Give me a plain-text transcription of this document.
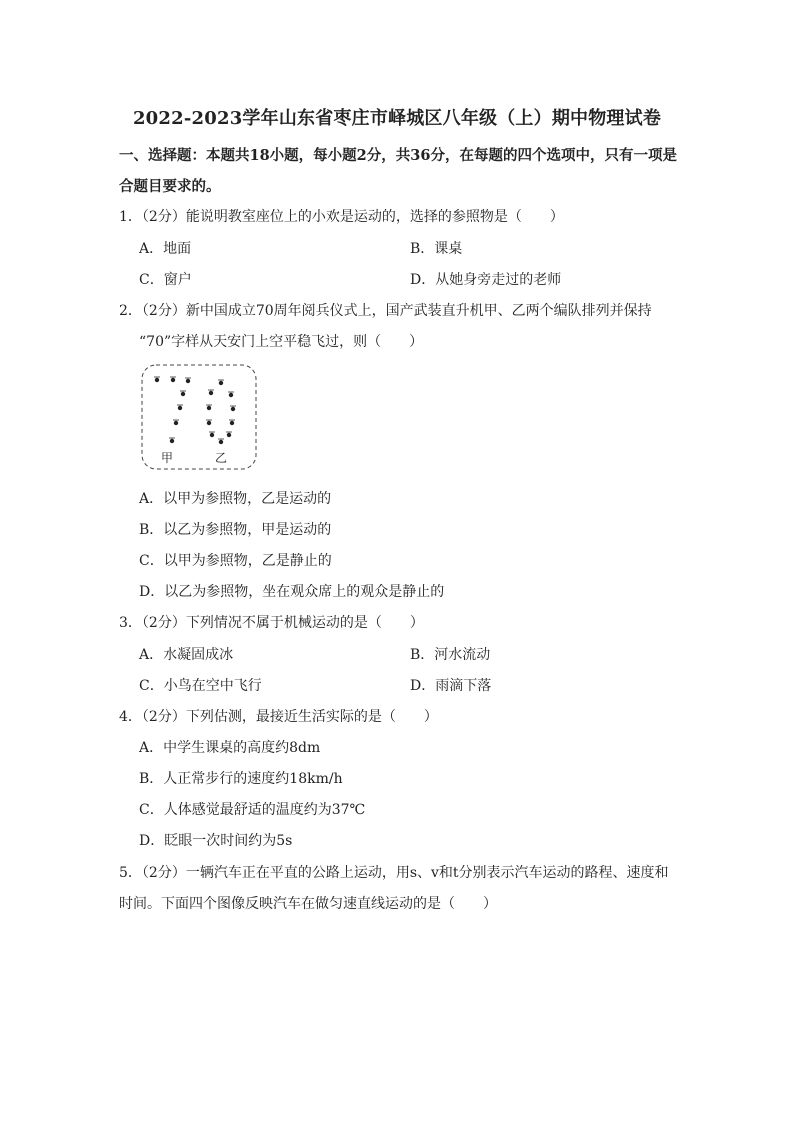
2022-2023学年山东省枣庄市峄城区八年级（上）期中物理试卷
一、选择题：本题共18小题，每小题2分，共36分，在每题的四个选项中，只有一项是合题目要求的。
1．（2分）能说明教室座位上的小欢是运动的，选择的参照物是（　　）
A．地面	B．课桌
C．窗户	D．从她身旁走过的老师
2．（2分）新中国成立70周年阅兵仪式上，国产武装直升机甲、乙两个编队排列并保持
“70”字样从天安门上空平稳飞过，则（　　）
甲	乙
A．以甲为参照物，乙是运动的
B．以乙为参照物，甲是运动的
C．以甲为参照物，乙是静止的
D．以乙为参照物，坐在观众席上的观众是静止的
3．（2分）下列情况不属于机械运动的是（　　）
A．水凝固成冰	B．河水流动
C．小鸟在空中飞行	D．雨滴下落
4．（2分）下列估测，最接近生活实际的是（　　）
A．中学生课桌的高度约8dm
B．人正常步行的速度约18km/h
C．人体感觉最舒适的温度约为37℃
D．眨眼一次时间约为5s
5．（2分）一辆汽车正在平直的公路上运动，用s、v和t分别表示汽车运动的路程、速度和
时间。下面四个图像反映汽车在做匀速直线运动的是（　　）
